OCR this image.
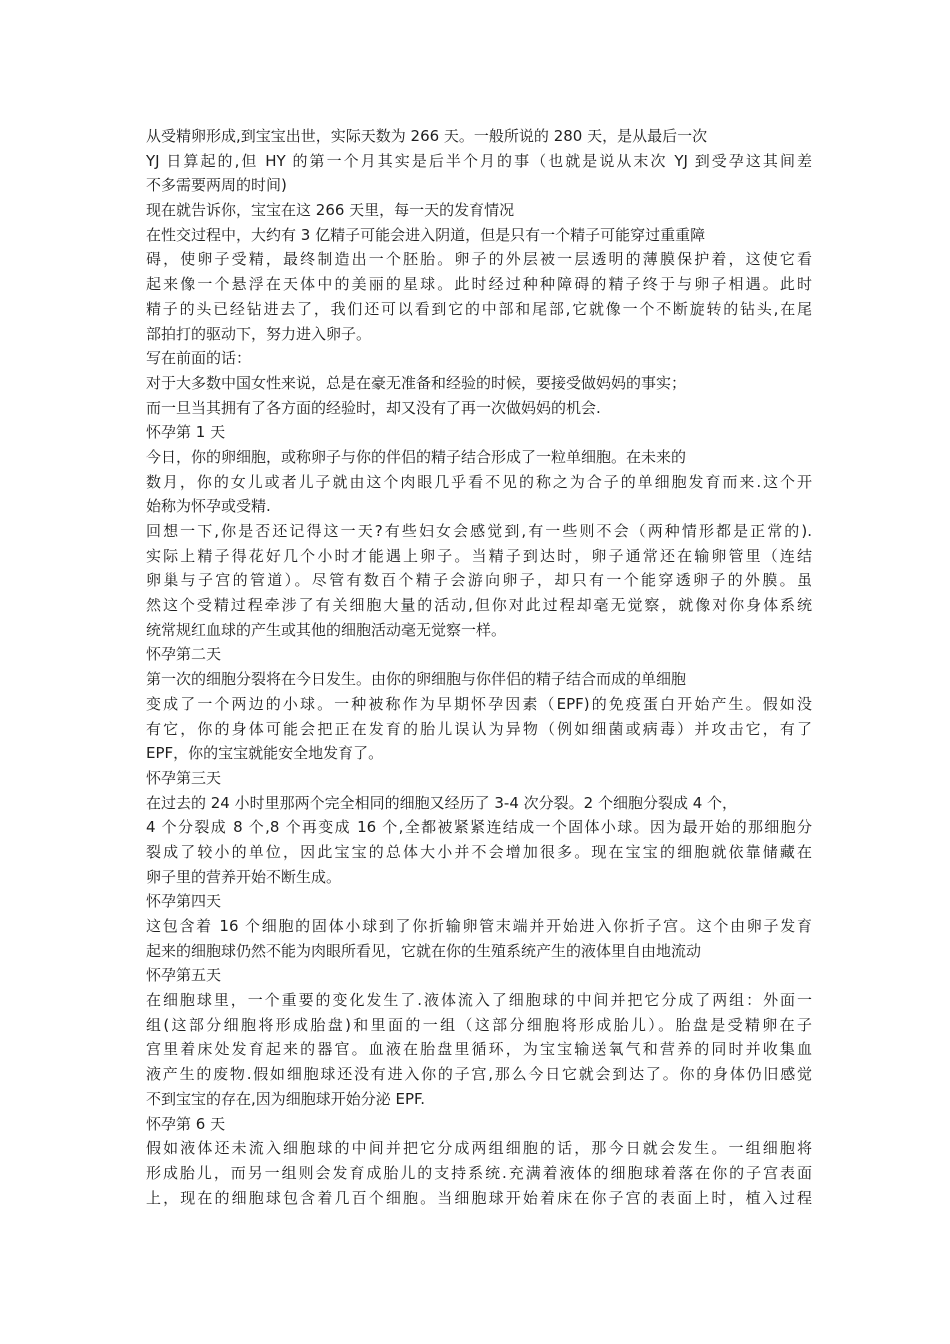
从受精卵形成,到宝宝出世，实际天数为 266 天。一般所说的 280 天，是从最后一次
YJ 日算起的,但 HY 的第一个月其实是后半个月的事（也就是说从末次 YJ 到受孕这其间差
不多需要两周的时间)
现在就告诉你，宝宝在这 266 天里，每一天的发育情况
在性交过程中，大约有 3 亿精子可能会进入阴道，但是只有一个精子可能穿过重重障
碍，使卵子受精，最终制造出一个胚胎。卵子的外层被一层透明的薄膜保护着，这使它看
起来像一个悬浮在天体中的美丽的星球。此时经过种种障碍的精子终于与卵子相遇。此时
精子的头已经钻进去了，我们还可以看到它的中部和尾部,它就像一个不断旋转的钻头,在尾
部拍打的驱动下，努力进入卵子。
写在前面的话：
对于大多数中国女性来说，总是在豪无准备和经验的时候，要接受做妈妈的事实；
而一旦当其拥有了各方面的经验时，却又没有了再一次做妈妈的机会.
怀孕第 1 天
今日，你的卵细胞，或称卵子与你的伴侣的精子结合形成了一粒单细胞。在未来的
数月，你的女儿或者儿子就由这个肉眼几乎看不见的称之为合子的单细胞发育而来.这个开
始称为怀孕或受精.
回想一下,你是否还记得这一天?有些妇女会感觉到,有一些则不会（两种情形都是正常的).
实际上精子得花好几个小时才能遇上卵子。当精子到达时，卵子通常还在输卵管里（连结
卵巢与子宫的管道）。尽管有数百个精子会游向卵子，却只有一个能穿透卵子的外膜。虽
然这个受精过程牵涉了有关细胞大量的活动,但你对此过程却毫无觉察，就像对你身体系统
统常规红血球的产生或其他的细胞活动毫无觉察一样。
怀孕第二天
第一次的细胞分裂将在今日发生。由你的卵细胞与你伴侣的精子结合而成的单细胞
变成了一个两边的小球。一种被称作为早期怀孕因素（EPF)的免疫蛋白开始产生。假如没
有它，你的身体可能会把正在发育的胎儿误认为异物（例如细菌或病毒）并攻击它，有了
EPF，你的宝宝就能安全地发育了。
怀孕第三天
在过去的 24 小时里那两个完全相同的细胞又经历了 3-4 次分裂。2 个细胞分裂成 4 个，
4 个分裂成 8 个,8 个再变成 16 个,全都被紧紧连结成一个固体小球。因为最开始的那细胞分
裂成了较小的单位，因此宝宝的总体大小并不会增加很多。现在宝宝的细胞就依靠储藏在
卵子里的营养开始不断生成。
怀孕第四天
这包含着 16 个细胞的固体小球到了你折输卵管末端并开始进入你折子宫。这个由卵子发育
起来的细胞球仍然不能为肉眼所看见，它就在你的生殖系统产生的液体里自由地流动
怀孕第五天
在细胞球里，一个重要的变化发生了.液体流入了细胞球的中间并把它分成了两组：外面一
组(这部分细胞将形成胎盘)和里面的一组（这部分细胞将形成胎儿）。胎盘是受精卵在子
宫里着床处发育起来的器官。血液在胎盘里循环，为宝宝输送氧气和营养的同时并收集血
液产生的废物.假如细胞球还没有进入你的子宫,那么今日它就会到达了。你的身体仍旧感觉
不到宝宝的存在,因为细胞球开始分泌 EPF.
怀孕第 6 天
假如液体还未流入细胞球的中间并把它分成两组细胞的话，那今日就会发生。一组细胞将
形成胎儿，而另一组则会发育成胎儿的支持系统.充满着液体的细胞球着落在你的子宫表面
上，现在的细胞球包含着几百个细胞。当细胞球开始着床在你子宫的表面上时，植入过程
